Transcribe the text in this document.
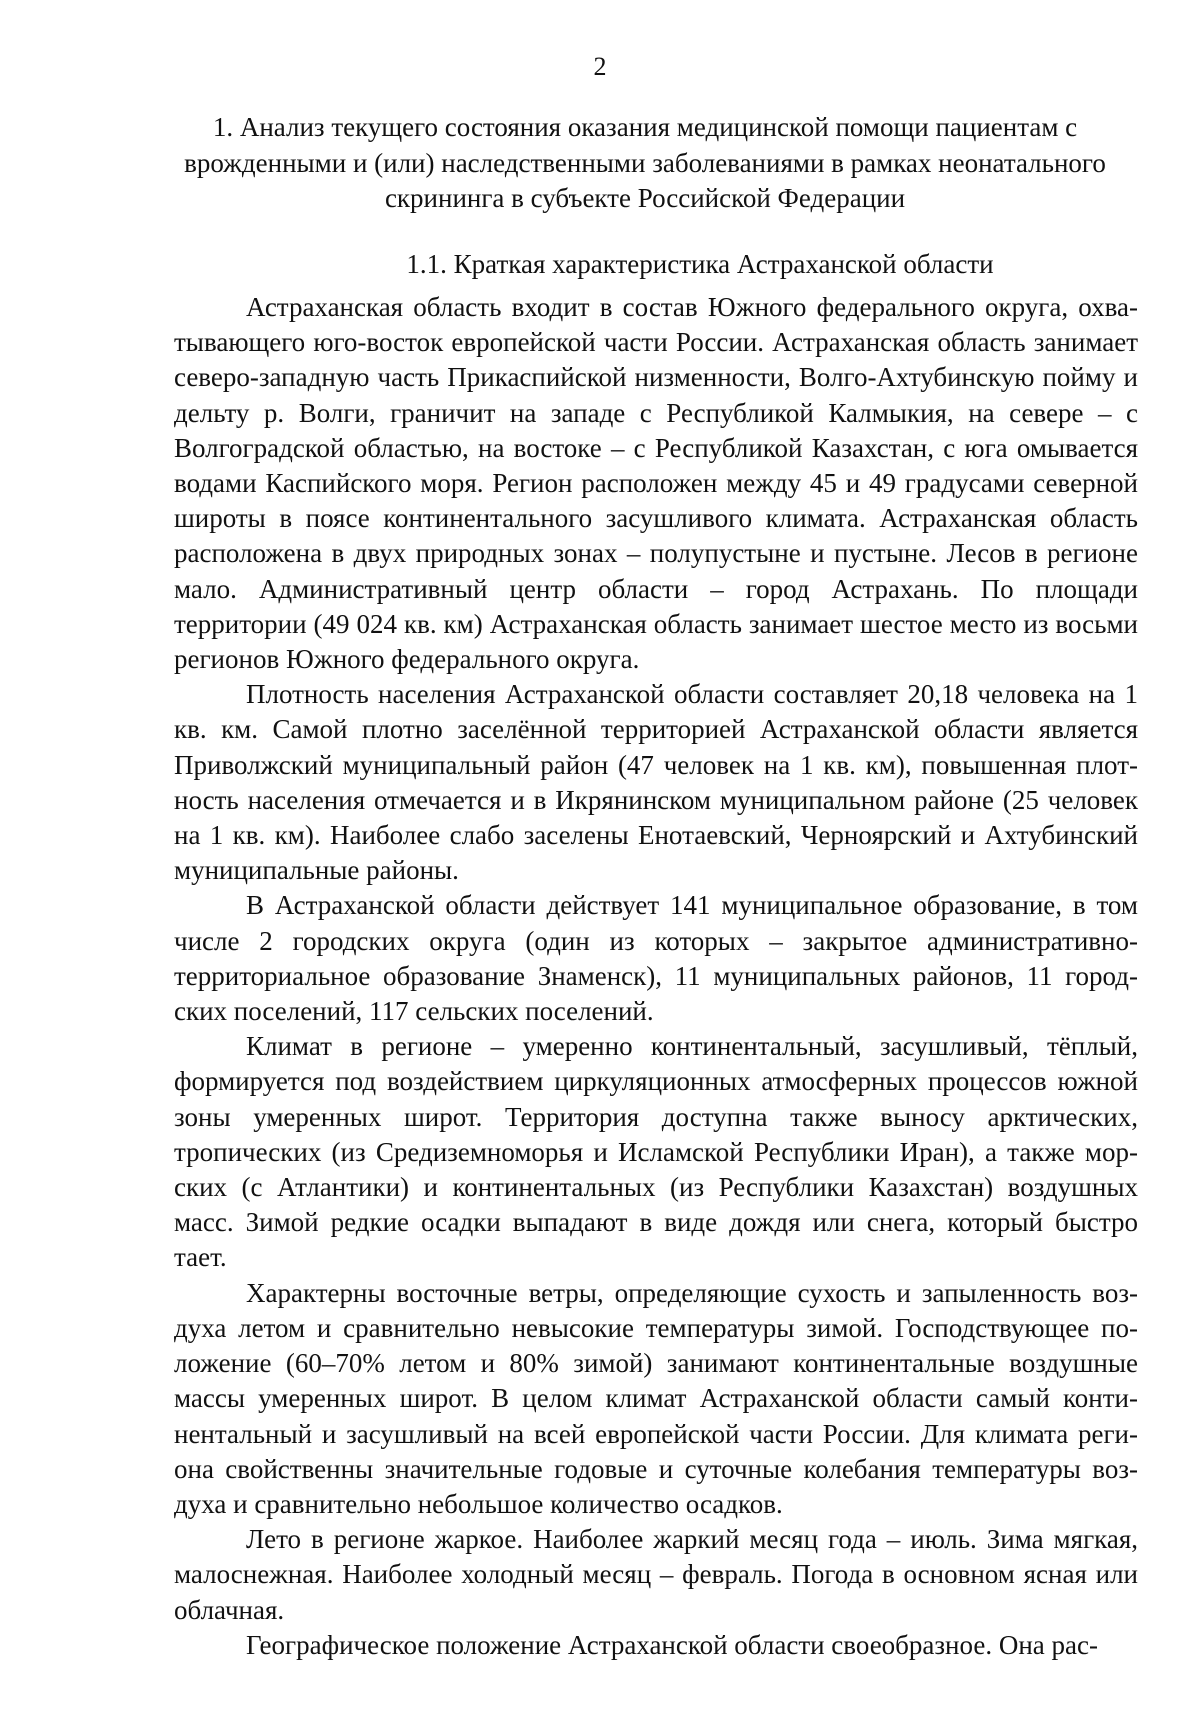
2
1. Анализ текущего состояния оказания медицинской помощи пациентам с врожденными и (или) наследственными заболеваниями в рамках неонатального скрининга в субъекте Российской Федерации
1.1. Краткая характеристика Астраханской области

Астраханская область входит в состав Южного федерального округа, охватывающего юго-восток европейской части России. Астраханская область занимает северо-западную часть Прикаспийской низменности, Волго-Ахтубинскую пойму и дельту р. Волги, граничит на западе с Республикой Калмыкия, на севере – с Волгоградской областью, на востоке – с Республикой Казахстан, с юга омывается водами Каспийского моря. Регион расположен между 45 и 49 градусами северной широты в поясе континентального засушливого климата. Астраханская область расположена в двух природных зонах – полупустыне и пустыне. Лесов в регионе мало. Административный центр области – город Астрахань. По площади территории (49 024 кв. км) Астраханская область занимает шестое место из восьми регионов Южного федерального округа.

Плотность населения Астраханской области составляет 20,18 человека на 1 кв. км. Самой плотно заселённой территорией Астраханской области является Приволжский муниципальный район (47 человек на 1 кв. км), повышенная плотность населения отмечается и в Икрянинском муниципальном районе (25 человек на 1 кв. км). Наиболее слабо заселены Енотаевский, Черноярский и Ахтубинский муниципальные районы.

В Астраханской области действует 141 муниципальное образование, в том числе 2 городских округа (один из которых – закрытое административно-территориальное образование Знаменск), 11 муниципальных районов, 11 городских поселений, 117 сельских поселений.

Климат в регионе – умеренно континентальный, засушливый, тёплый, формируется под воздействием циркуляционных атмосферных процессов южной зоны умеренных широт. Территория доступна также выносу арктических, тропических (из Средиземноморья и Исламской Республики Иран), а также морских (с Атлантики) и континентальных (из Республики Казахстан) воздушных масс. Зимой редкие осадки выпадают в виде дождя или снега, который быстро тает.

Характерны восточные ветры, определяющие сухость и запыленность воздуха летом и сравнительно невысокие температуры зимой. Господствующее положение (60–70% летом и 80% зимой) занимают континентальные воздушные массы умеренных широт. В целом климат Астраханской области самый континентальный и засушливый на всей европейской части России. Для климата региона свойственны значительные годовые и суточные колебания температуры воздуха и сравнительно небольшое количество осадков.

Лето в регионе жаркое. Наиболее жаркий месяц года – июль. Зима мягкая, малоснежная. Наиболее холодный месяц – февраль. Погода в основном ясная или облачная.

Географическое положение Астраханской области своеобразное. Она рас-
